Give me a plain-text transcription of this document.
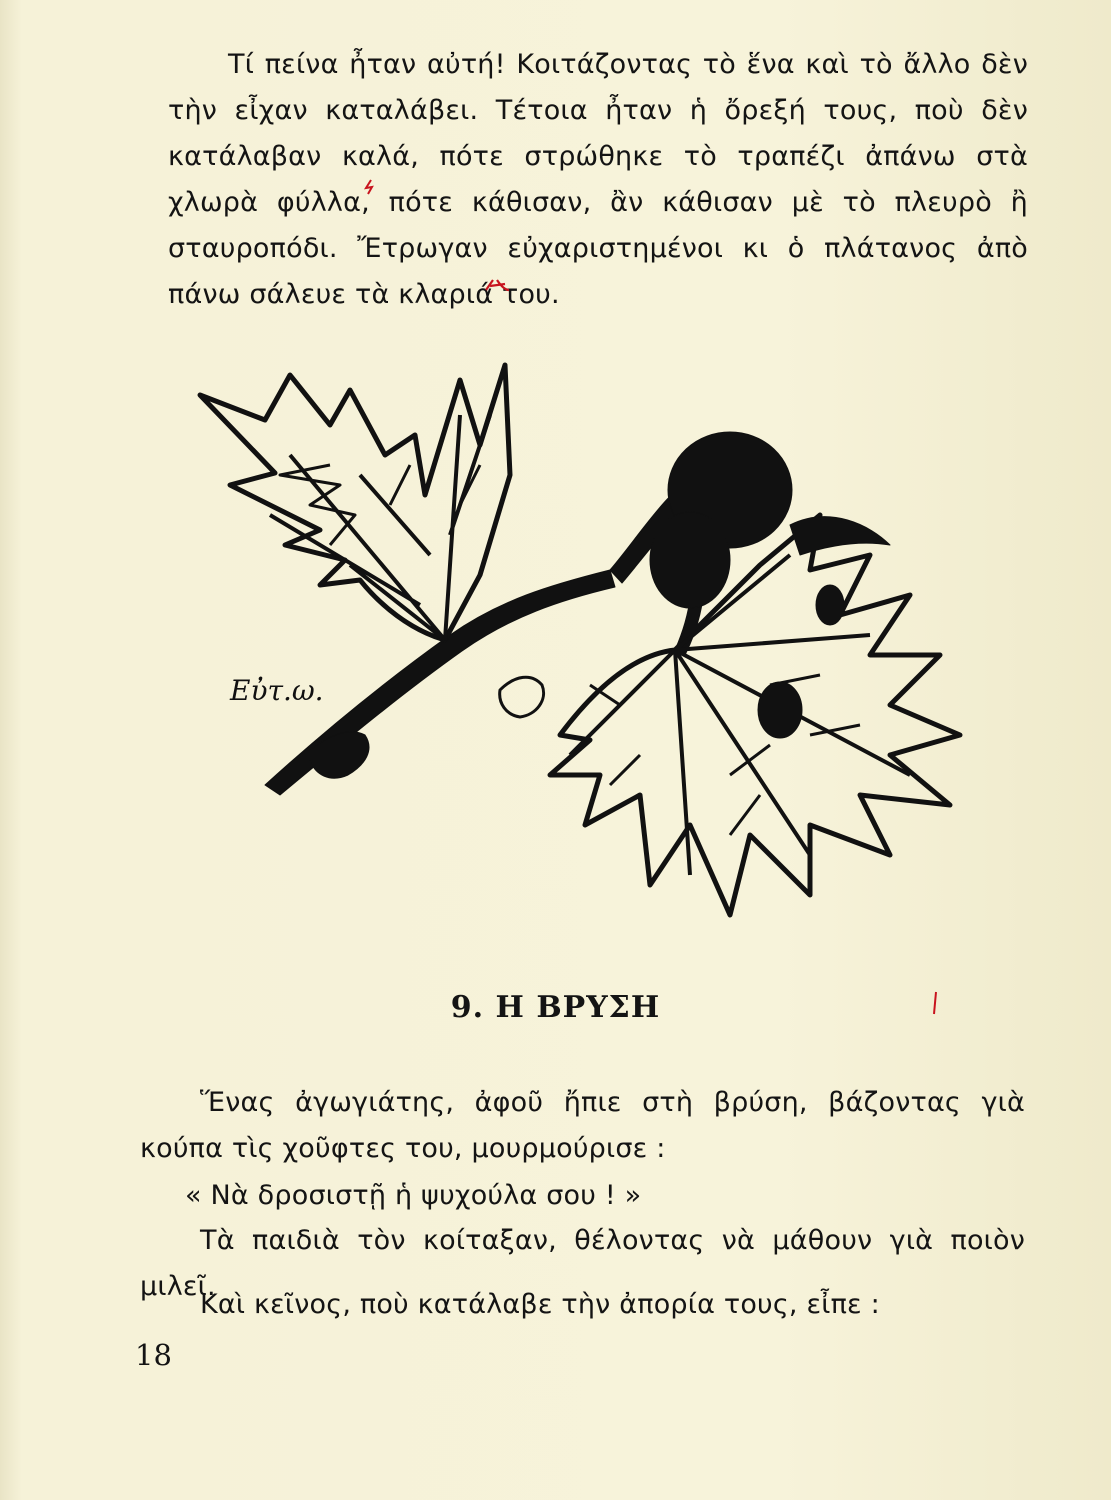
Τί πείνα ἦταν αὐτή! Κοιτάζοντας τὸ ἕνα καὶ τὸ ἄλλο δὲν τὴν εἶχαν καταλάβει. Τέτοια ἦταν ἡ ὄρεξή τους, ποὺ δὲν κατάλαβαν καλά, πότε στρώθηκε τὸ τραπέζι ἀπάνω στὰ χλωρὰ φύλλα, πότε κάθισαν, ἂν κάθισαν μὲ τὸ πλευρὸ ἢ σταυροπόδι. Ἔτρωγαν εὐχαριστημένοι κι ὁ πλάτανος ἀπὸ πάνω σάλευε τὰ κλαριά του.

Εὐτ.ω.
9. Η ΒΡΥΣΗ

Ἕνας ἀγωγιάτης, ἀφοῦ ἤπιε στὴ βρύση, βάζοντας γιὰ κούπα τὶς χοῦφτες του, μουρμούρισε :

« Νὰ δροσιστῇ ἡ ψυχούλα σου ! »

Τὰ παιδιὰ τὸν κοίταξαν, θέλοντας νὰ μάθουν γιὰ ποιὸν μιλεῖ.

Καὶ κεῖνος, ποὺ κατάλαβε τὴν ἀπορία τους, εἶπε :

18
